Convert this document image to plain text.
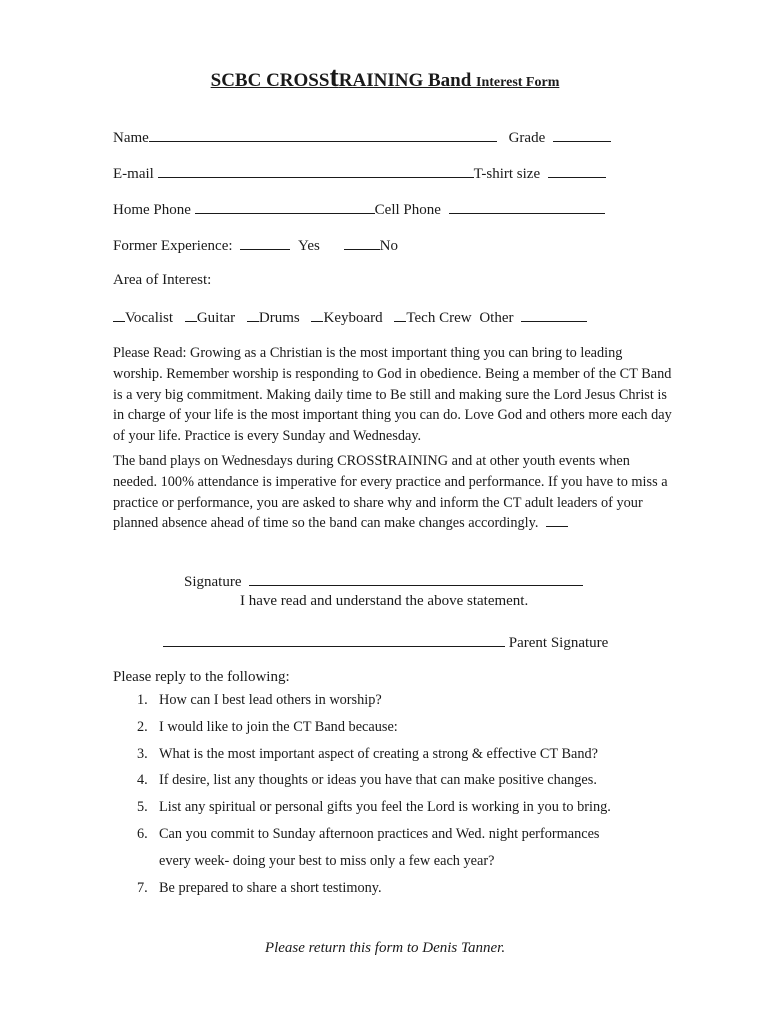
SCBC CROSStRAINING Band Interest Form
Name	Grade
E-mail	T-shirt size
Home Phone	Cell Phone
Former Experience:	Yes	No
Area of Interest:
Vocalist Guitar Drums Keyboard Tech Crew Other
Please Read: Growing as a Christian is the most important thing you can bring to leading worship. Remember worship is responding to God in obedience. Being a member of the CT Band is a very big commitment. Making daily time to Be still and making sure the Lord Jesus Christ is in charge of your life is the most important thing you can do. Love God and others more each day of your life. Practice is every Sunday and Wednesday.
The band plays on Wednesdays during CROSStRAINING and at other youth events when needed. 100% attendance is imperative for every practice and performance. If you have to miss a practice or performance, you are asked to share why and inform the CT adult leaders of your planned absence ahead of time so the band can make changes accordingly.
Signature
I have read and understand the above statement.
Parent Signature
Please reply to the following:
1. How can I best lead others in worship?
2. I would like to join the CT Band because:
3. What is the most important aspect of creating a strong & effective CT Band?
4. If desire, list any thoughts or ideas you have that can make positive changes.
5. List any spiritual or personal gifts you feel the Lord is working in you to bring.
6. Can you commit to Sunday afternoon practices and Wed. night performances
every week- doing your best to miss only a few each year?
7. Be prepared to share a short testimony.
Please return this form to Denis Tanner.
